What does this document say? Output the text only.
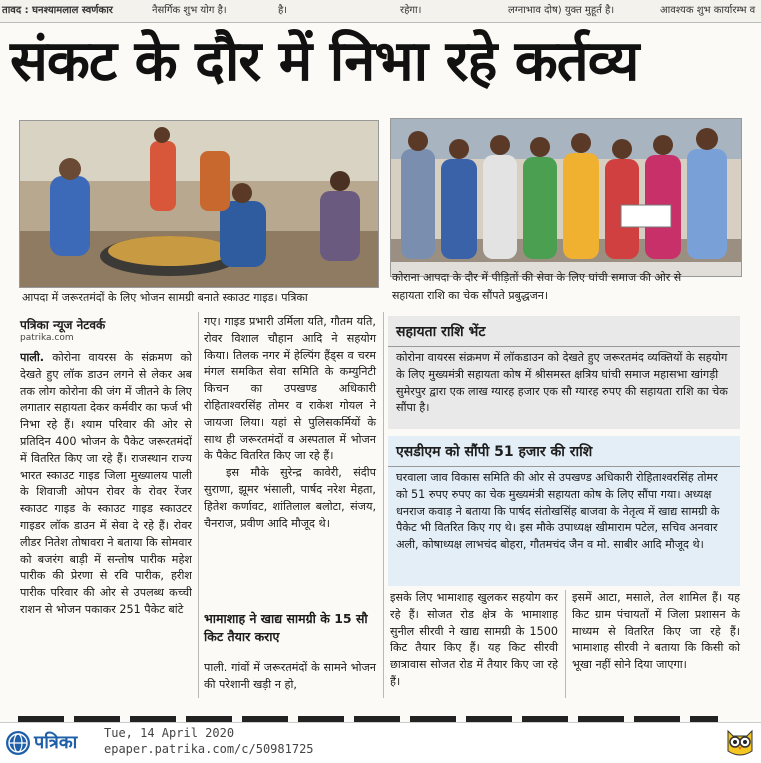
तावद : घनश्यामलाल स्वर्णकार	नैसर्गिक शुभ योग है।	है।	रहेगा।	लग्नाभाव दोष) युक्त मुहूर्त है।	आवश्यक शुभ कार्यारम्भ व
संकट के दौर में निभा रहे कर्तव्य
आपदा में जरूरतमंदों के लिए भोजन सामग्री बनाते स्काउट गाइड। पत्रिका
कोराना आपदा के दौर में पीड़ितों की सेवा के लिए घांची समाज की ओर से
सहायता राशि का चेक सौंपते प्रबुद्धजन।
पत्रिका न्यूज नेटवर्क
patrika.com

पाली. कोरोना वायरस के संक्रमण को देखते हुए लॉक डाउन लगने से लेकर अब तक लोग कोरोना की जंग में जीतने के लिए लगातार सहायता देकर कर्मवीर का फर्ज भी निभा रहे हैं। श्याम परिवार की ओर से प्रतिदिन 400 भोजन के पैकेट जरूरतमंदों में वितरित किए जा रहे हैं। राजस्थान राज्य भारत स्काउट गाइड जिला मुख्यालय पाली के शिवाजी ओपन रोवर के रोवर रेंजर स्काउट गाइड के स्काउट गाइड स्काउटर गाइडर लॉक डाउन में सेवा दे रहे हैं। रोवर लीडर नितेश तोषावरा ने बताया कि सोमवार को बजरंग बाड़ी में सन्तोष पारीक महेश पारीक की प्रेरणा से रवि पारीक, हरीश पारीक परिवार की ओर से उपलब्ध कच्ची राशन से भोजन पकाकर 251 पैकेट बांटे

गए। गाइड प्रभारी उर्मिला यति, गौतम यति, रोवर विशाल चौहान आदि ने सहयोग किया। तिलक नगर में हेल्पिंग हैंड्स व चरम मंगल समकित सेवा समिति के कम्युनिटी किचन का उपखण्ड अधिकारी रोहिताश्वरसिंह तोमर व राकेश गोयल ने जायजा लिया। यहां से पुलिसकर्मियों के साथ ही जरूरतमंदों व अस्पताल में भोजन के पैकेट वितरित किए जा रहे हैं।

इस मौके सुरेन्द्र कावेरी, संदीप सुराणा, झूमर भंसाली, पार्षद नरेश मेहता, हितेश कर्णावट, शांतिलाल बलोटा, संजय, चैनराज, प्रवीण आदि मौजूद थे।

भामाशाह ने खाद्य सामग्री के 15 सौ किट तैयार कराए
पाली. गांवों में जरूरतमंदों के सामने भोजन की परेशानी खड़ी न हो,
सहायता राशि भेंट
कोरोना वायरस संक्रमण में लॉकडाउन को देखते हुए जरूरतमंद व्यक्तियों के सहयोग के लिए मुख्यमंत्री सहायता कोष में श्रीसमस्त क्षत्रिय घांची समाज महासभा खांगड़ी सुमेरपुर द्वारा एक लाख ग्यारह हजार एक सौ ग्यारह रुपए की सहायता राशि का चेक सौंपा है।
एसडीएम को सौंपी 51 हजार की राशि
घरवाला जाव विकास समिति की ओर से उपखण्ड अधिकारी रोहिताश्वरसिंह तोमर को 51 रुपए रुपए का चेक मुख्यमंत्री सहायता कोष के लिए सौंपा गया। अध्यक्ष धनराज कवाड़ ने बताया कि पार्षद संतोखसिंह बाजवा के नेतृत्व में खाद्य सामग्री के पैकेट भी वितरित किए गए थे। इस मौके उपाध्यक्ष खीमाराम पटेल, सचिव अनवार अली, कोषाध्यक्ष लाभचंद बोहरा, गौतमचंद जैन व मो. साबीर आदि मौजूद थे।
इसके लिए भामाशाह खुलकर सहयोग कर रहे हैं। सोजत रोड क्षेत्र के भामाशाह सुनील सीरवी ने खाद्य सामग्री के 1500 किट तैयार किए हैं। यह किट सीरवी छात्रावास सोजत रोड में तैयार किए जा रहे हैं।
इसमें आटा, मसाले, तेल शामिल हैं। यह किट ग्राम पंचायतों में जिला प्रशासन के माध्यम से वितरित किए जा रहे हैं। भामाशाह सीरवी ने बताया कि किसी को भूखा नहीं सोने दिया जाएगा।
पत्रिका Tue, 14 April 2020
epaper.patrika.com/c/50981725
